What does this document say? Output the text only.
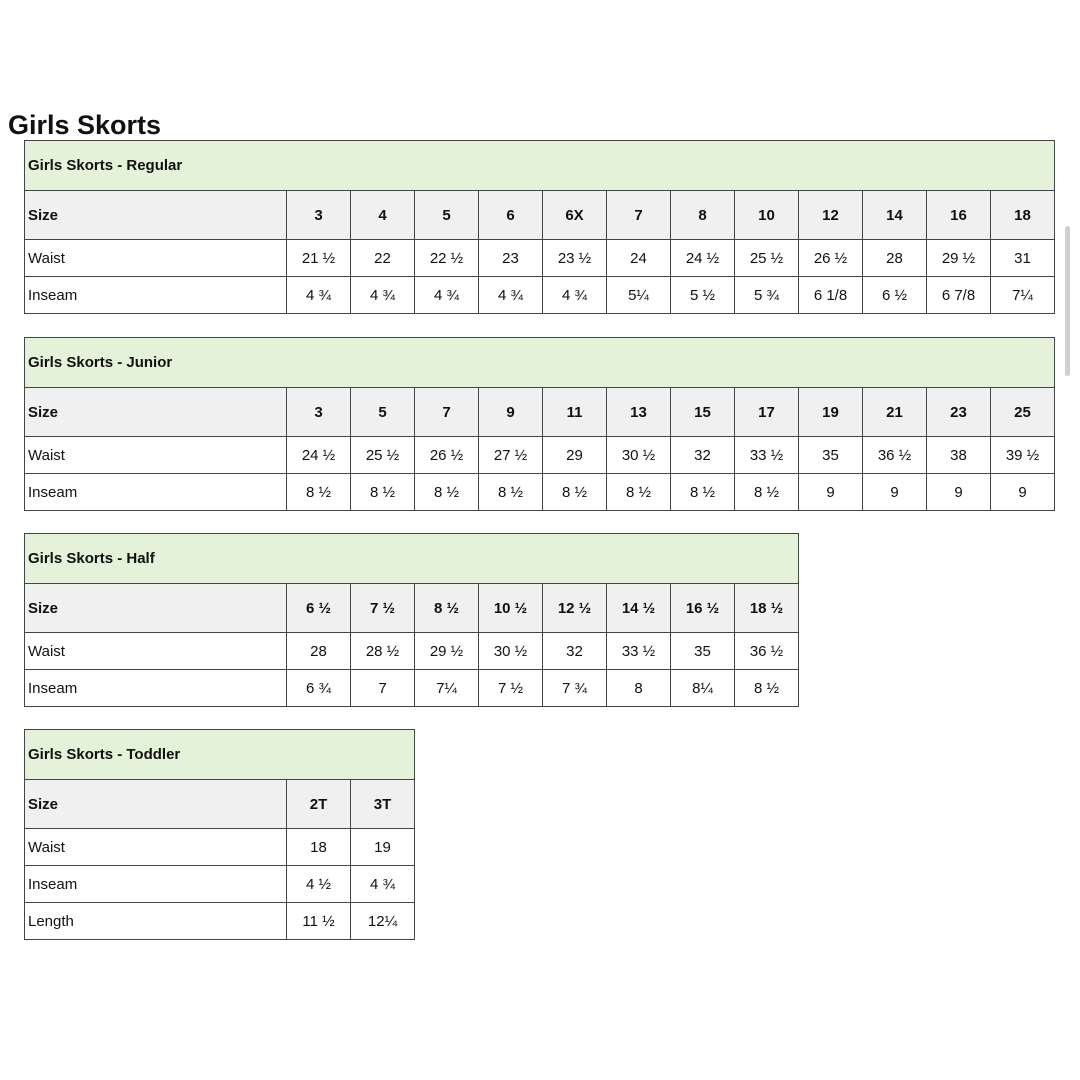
Girls Skorts
Girls Skorts - Regular												
Size	3	4	5	6	6X	7	8	10	12	14	16	18
Waist	21 ½	22	22 ½	23	23 ½	24	24 ½	25 ½	26 ½	28	29 ½	31
Inseam	4 ¾	4 ¾	4 ¾	4 ¾	4 ¾	5¼	5 ½	5 ¾	6 1/8	6 ½	6 7/8	7¼
Girls Skorts - Junior												
Size	3	5	7	9	11	13	15	17	19	21	23	25
Waist	24 ½	25 ½	26 ½	27 ½	29	30 ½	32	33 ½	35	36 ½	38	39 ½
Inseam	8 ½	8 ½	8 ½	8 ½	8 ½	8 ½	8 ½	8 ½	9	9	9	9
Girls Skorts - Half								
Size	6 ½	7 ½	8 ½	10 ½	12 ½	14 ½	16 ½	18 ½
Waist	28	28 ½	29 ½	30 ½	32	33 ½	35	36 ½
Inseam	6 ¾	7	7¼	7 ½	7 ¾	8	8¼	8 ½
Girls Skorts - Toddler		
Size	2T	3T
Waist	18	19
Inseam	4 ½	4 ¾
Length	11 ½	12¼
